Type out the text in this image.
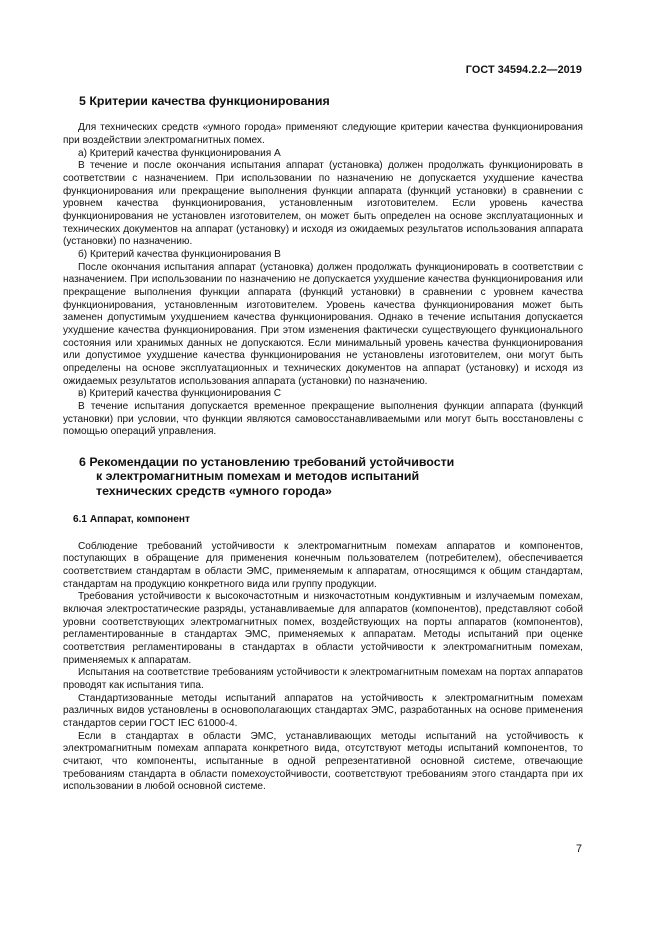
ГОСТ 34594.2.2—2019
5 Критерии качества функционирования

Для технических средств «умного города» применяют следующие критерии качества функционирования при воздействии электромагнитных помех.

а) Критерий качества функционирования А

В течение и после окончания испытания аппарат (установка) должен продолжать функционировать в соответствии с назначением. При использовании по назначению не допускается ухудшение качества функционирования или прекращение выполнения функции аппарата (функций установки) в сравнении с уровнем качества функционирования, установленным изготовителем. Если уровень качества функционирования не установлен изготовителем, он может быть определен на основе эксплуатационных и технических документов на аппарат (установку) и исходя из ожидаемых результатов использования аппарата (установки) по назначению.

б) Критерий качества функционирования В

После окончания испытания аппарат (установка) должен продолжать функционировать в соответствии с назначением. При использовании по назначению не допускается ухудшение качества функционирования или прекращение выполнения функции аппарата (функций установки) в сравнении с уровнем качества функционирования, установленным изготовителем. Уровень качества функционирования может быть заменен допустимым ухудшением качества функционирования. Однако в течение испытания допускается ухудшение качества функционирования. При этом изменения фактически существующего функционального состояния или хранимых данных не допускаются. Если минимальный уровень качества функционирования или допустимое ухудшение качества функционирования не установлены изготовителем, они могут быть определены на основе эксплуатационных и технических документов на аппарат (установку) и исходя из ожидаемых результатов использования аппарата (установки) по назначению.

в) Критерий качества функционирования С

В течение испытания допускается временное прекращение выполнения функции аппарата (функций установки) при условии, что функции являются самовосстанавливаемыми или могут быть восстановлены с помощью операций управления.

6 Рекомендации по установлению требований устойчивости
к электромагнитным помехам и методов испытаний
технических средств «умного города»
6.1 Аппарат, компонент

Соблюдение требований устойчивости к электромагнитным помехам аппаратов и компонентов, поступающих в обращение для применения конечным пользователем (потребителем), обеспечивается соответствием стандартам в области ЭМС, применяемым к аппаратам, относящимся к общим стандартам, стандартам на продукцию конкретного вида или группу продукции.

Требования устойчивости к высокочастотным и низкочастотным кондуктивным и излучаемым помехам, включая электростатические разряды, устанавливаемые для аппаратов (компонентов), представляют собой уровни соответствующих электромагнитных помех, воздействующих на порты аппаратов (компонентов), регламентированные в стандартах ЭМС, применяемых к аппаратам. Методы испытаний при оценке соответствия регламентированы в стандартах в области устойчивости к электромагнитным помехам, применяемых к аппаратам.

Испытания на соответствие требованиям устойчивости к электромагнитным помехам на портах аппаратов проводят как испытания типа.

Стандартизованные методы испытаний аппаратов на устойчивость к электромагнитным помехам различных видов установлены в основополагающих стандартах ЭМС, разработанных на основе применения стандартов серии ГОСТ IEC 61000-4.

Если в стандартах в области ЭМС, устанавливающих методы испытаний на устойчивость к электромагнитным помехам аппарата конкретного вида, отсутствуют методы испытаний компонентов, то считают, что компоненты, испытанные в одной репрезентативной основной системе, отвечающие требованиям стандарта в области помехоустойчивости, соответствуют требованиям этого стандарта при их использовании в любой основной системе.

7
